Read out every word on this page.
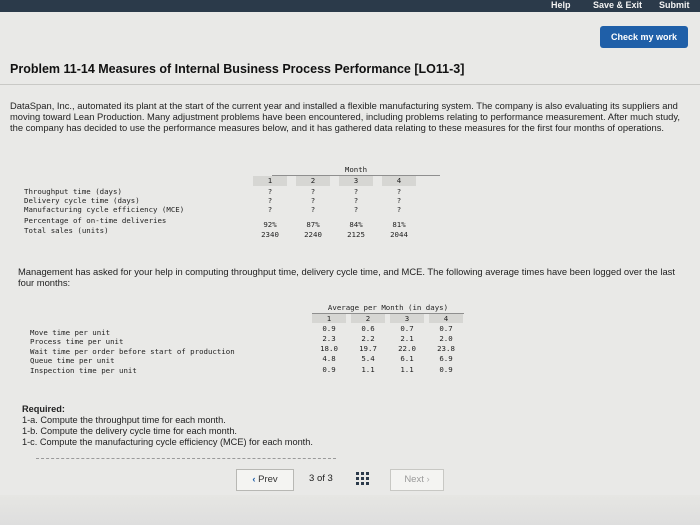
Help Save & Exit Submit
Check my work
Problem 11-14 Measures of Internal Business Process Performance [LO11-3]
DataSpan, Inc., automated its plant at the start of the current year and installed a flexible manufacturing system. The company is also evaluating its suppliers and moving toward Lean Production. Many adjustment problems have been encountered, including problems relating to performance measurement. After much study, the company has decided to use the performance measures below, and it has gathered data relating to these measures for the first four months of operations.
Month
1	2	3	4
Throughput time (days)	?	?	?	?
Delivery cycle time (days)	?	?	?	?
Manufacturing cycle efficiency (MCE)	?	?	?	?
Percentage of on-time deliveries	92%	87%	84%	81%
Total sales (units)	2340	2240	2125	2044
Management has asked for your help in computing throughput time, delivery cycle time, and MCE. The following average times have been logged over the last four months:
Average per Month (in days)
1	2	3	4
Move time per unit	0.9	0.6	0.7	0.7
Process time per unit	2.3	2.2	2.1	2.0
Wait time per order before start of production	18.0	19.7	22.0	23.8
Queue time per unit	4.8	5.4	6.1	6.9
Inspection time per unit	0.9	1.1	1.1	0.9
Required:
1-a. Compute the throughput time for each month.
1-b. Compute the delivery cycle time for each month.
1-c. Compute the manufacturing cycle efficiency (MCE) for each month.
‹ Prev	3 of 3	Next ›
